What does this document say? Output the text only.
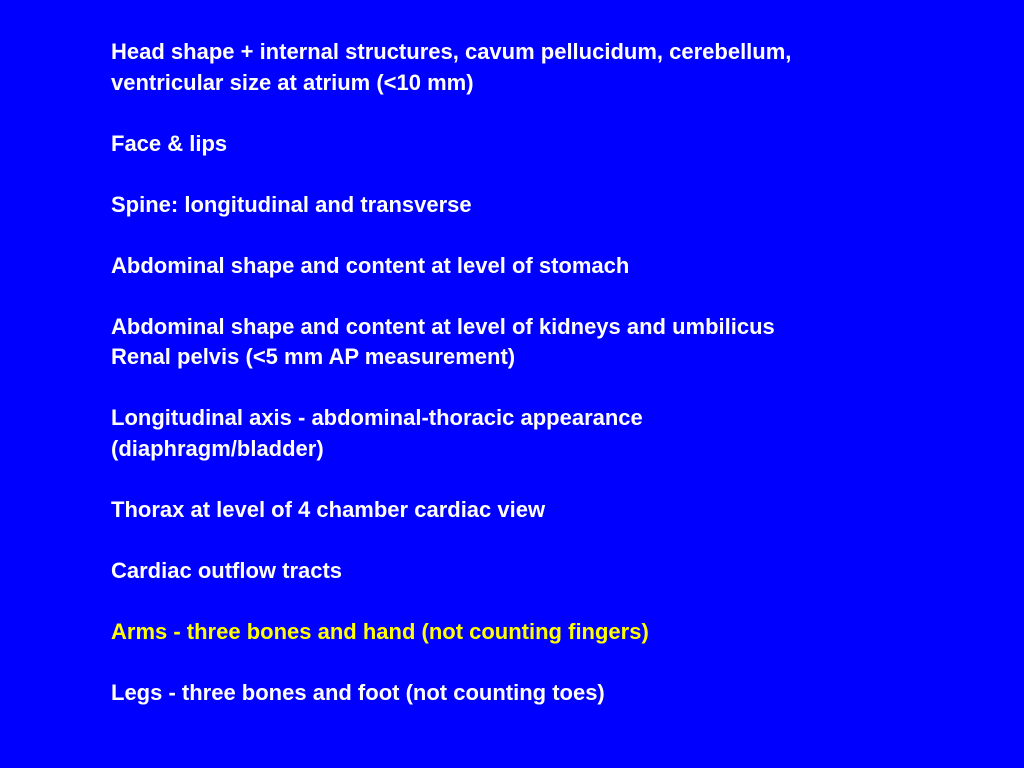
Head shape + internal structures, cavum pellucidum, cerebellum,
ventricular size at atrium (<10 mm)
Face & lips
Spine: longitudinal and transverse
Abdominal shape and content at level of stomach
Abdominal shape and content at level of kidneys and umbilicus
Renal pelvis (<5 mm AP measurement)
Longitudinal axis - abdominal-thoracic appearance
(diaphragm/bladder)
Thorax at level of 4 chamber cardiac view
Cardiac outflow tracts
Arms - three bones and hand (not counting fingers)
Legs - three bones and foot (not counting toes)
